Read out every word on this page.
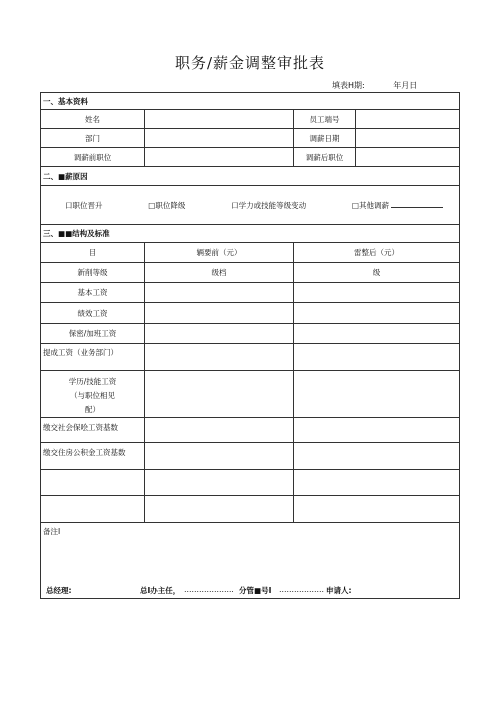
职务/薪金调整审批表
填表H期:	年月日
一、基本资料			
姓名		员工端号	
部门		调薪日期	
调薪前职位		调薪后职位	
二、■薪原因			

口职位晋升 □职位降级 口学力或技能等级变动 □其他调薪			

三、■■结构及标准			
目	辆要前（元）	雷整后（元）	
新削等级	级档	级	
基本工资			
绩效工资			
保密/加班工资			
提成工资（业务部门）			
学历/技能工资（与职位相见配）			
缴交社会保哙工资基数			
缴交住房公积金工资基数			

备注I			
总经理:	总I办主任， ……………….. 分管■号I ……………… 申请人:
